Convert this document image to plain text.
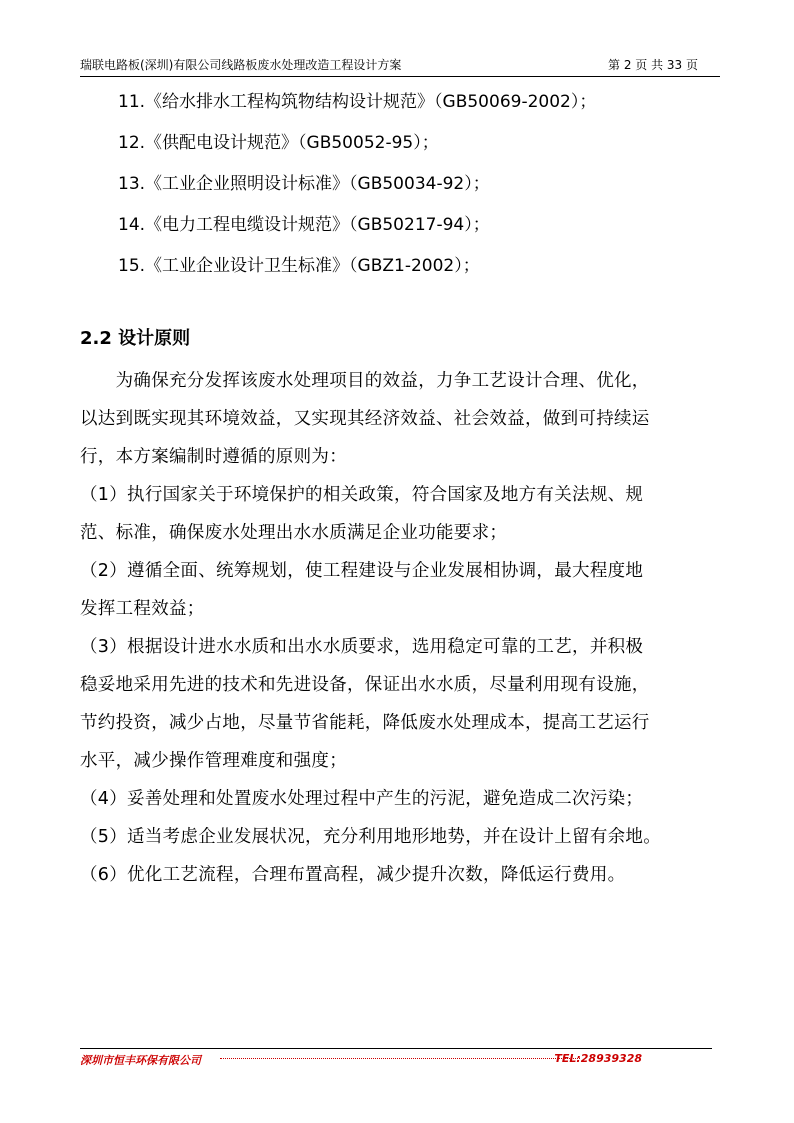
瑞联电路板(深圳)有限公司线路板废水处理改造工程设计方案	第 2 页 共 33 页
11.《给水排水工程构筑物结构设计规范》（GB50069-2002）；
12.《供配电设计规范》（GB50052-95）；
13.《工业企业照明设计标准》（GB50034-92）；
14.《电力工程电缆设计规范》（GB50217-94）；
15.《工业企业设计卫生标准》（GBZ1-2002）；
2.2 设计原则
　　为确保充分发挥该废水处理项目的效益，力争工艺设计合理、优化，
以达到既实现其环境效益，又实现其经济效益、社会效益，做到可持续运
行，本方案编制时遵循的原则为：
（1）执行国家关于环境保护的相关政策，符合国家及地方有关法规、规
范、标准，确保废水处理出水水质满足企业功能要求；
（2）遵循全面、统筹规划，使工程建设与企业发展相协调，最大程度地
发挥工程效益；
（3）根据设计进水水质和出水水质要求，选用稳定可靠的工艺，并积极
稳妥地采用先进的技术和先进设备，保证出水水质，尽量利用现有设施，
节约投资，减少占地，尽量节省能耗，降低废水处理成本，提高工艺运行
水平，减少操作管理难度和强度；
（4）妥善处理和处置废水处理过程中产生的污泥，避免造成二次污染；
（5）适当考虑企业发展状况，充分利用地形地势，并在设计上留有余地。
（6）优化工艺流程，合理布置高程，减少提升次数，降低运行费用。
深圳市恒丰环保有限公司	TEL:28939328
